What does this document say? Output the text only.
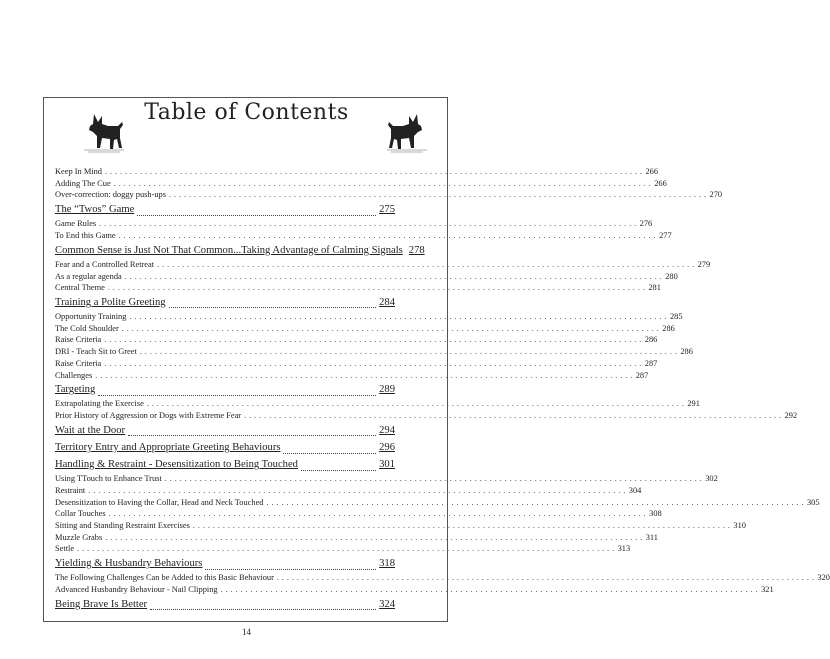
Table of Contents
Keep In Mind . . .	266
Adding The Cue . . .	266
Over-correction: doggy push-ups . . .	270
The “Twos” Game	275
Game Rules . . .	276
To End this Game . . .	277
Common Sense is Just Not That Common...Taking Advantage of Calming Signals 278
Fear and a Controlled Retreat . . .	279
As a regular agenda . . .	280
Central Theme . . .	281
Training a Polite Greeting	284
Opportunity Training . . .	285
The Cold Shoulder . . .	286
Raise Criteria . . .	286
DRI - Teach Sit to Greet . . .	286
Raise Criteria . . .	287
Challenges . . .	287
Targeting	289
Extrapolating the Exercise . . .	291
Prior History of Aggression or Dogs with Extreme Fear . . .	292
Wait at the Door	294
Territory Entry and Appropriate Greeting Behaviours	296
Handling & Restraint - Desensitization to Being Touched	301
Using TTouch to Enhance Trust . . .	302
Restraint . . .	304
Desensitization to Having the Collar, Head and Neck Touched . . .	305
Collar Touches . . .	308
Sitting and Standing Restraint Exercises . . .	310
Muzzle Grabs . . .	311
Settle . . .	313
Yielding & Husbandry Behaviours	318
The Following Challenges Can be Added to this Basic Behaviour . . .	320
Advanced Husbandry Behaviour - Nail Clipping . . .	321
Being Brave Is Better	324
14
